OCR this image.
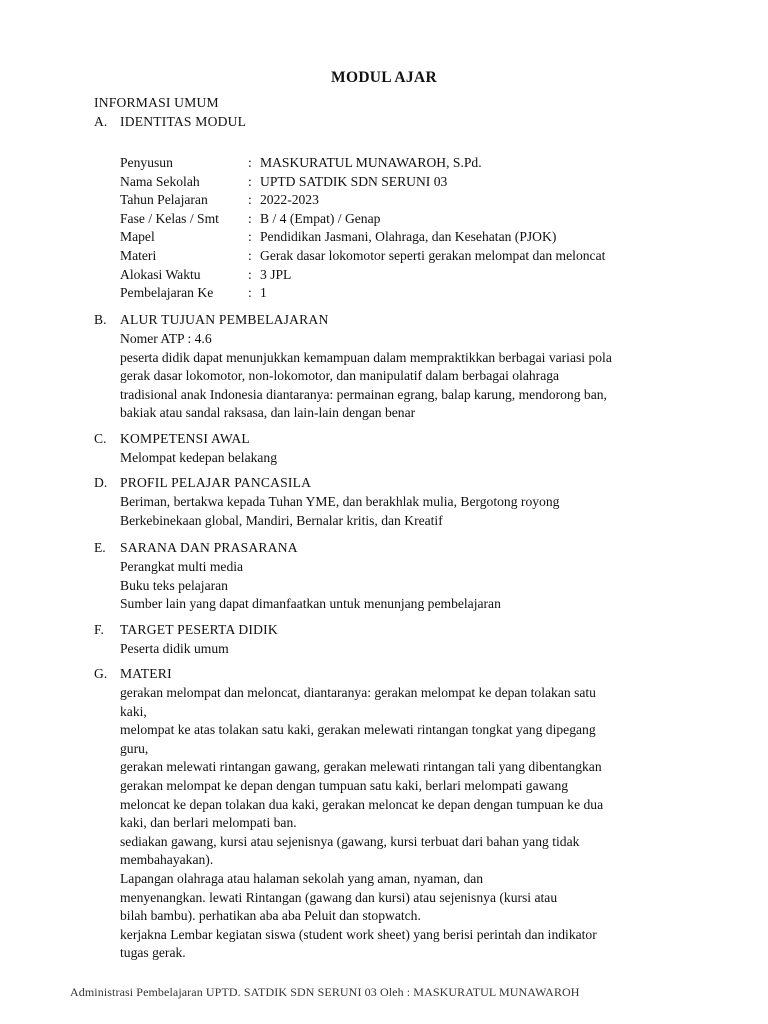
MODUL AJAR
INFORMASI UMUM
A. IDENTITAS MODUL
Penyusun	: MASKURATUL MUNAWAROH, S.Pd.
Nama Sekolah	: UPTD SATDIK SDN SERUNI 03
Tahun Pelajaran	: 2022-2023
Fase / Kelas / Smt : B / 4 (Empat) / Genap
Mapel	: Pendidikan Jasmani, Olahraga, dan Kesehatan (PJOK)
Materi	: Gerak dasar lokomotor seperti gerakan melompat dan meloncat
Alokasi Waktu	: 3 JPL
Pembelajaran Ke	: 1
B. ALUR TUJUAN PEMBELAJARAN
Nomer ATP : 4.6
peserta didik dapat menunjukkan kemampuan dalam mempraktikkan berbagai variasi pola
gerak dasar lokomotor, non-lokomotor, dan manipulatif dalam berbagai olahraga
tradisional anak Indonesia diantaranya: permainan egrang, balap karung, mendorong ban,
bakiak atau sandal raksasa, dan lain-lain dengan benar
C. KOMPETENSI AWAL
Melompat kedepan belakang
D. PROFIL PELAJAR PANCASILA
Beriman, bertakwa kepada Tuhan YME, dan berakhlak mulia, Bergotong royong
Berkebinekaan global, Mandiri, Bernalar kritis, dan Kreatif
E.	SARANA DAN PRASARANA
Perangkat multi media
Buku teks pelajaran
Sumber lain yang dapat dimanfaatkan untuk menunjang pembelajaran
F.	TARGET PESERTA DIDIK
Peserta didik umum
G. MATERI
gerakan melompat dan meloncat, diantaranya: gerakan melompat ke depan tolakan satu
kaki,
melompat ke atas tolakan satu kaki, gerakan melewati rintangan tongkat yang dipegang
guru,
gerakan melewati rintangan gawang, gerakan melewati rintangan tali yang dibentangkan
gerakan melompat ke depan dengan tumpuan satu kaki, berlari melompati gawang
meloncat ke depan tolakan dua kaki, gerakan meloncat ke depan dengan tumpuan ke dua
kaki, dan berlari melompati ban.
sediakan gawang, kursi atau sejenisnya (gawang, kursi terbuat dari bahan yang tidak
membahayakan).
Lapangan olahraga atau halaman sekolah yang aman, nyaman, dan
menyenangkan. lewati Rintangan (gawang dan kursi) atau sejenisnya (kursi atau
bilah bambu). perhatikan aba aba Peluit dan stopwatch.
kerjakna Lembar kegiatan siswa (student work sheet) yang berisi perintah dan indikator
tugas gerak.
Administrasi Pembelajaran UPTD. SATDIK SDN SERUNI 03 Oleh : MASKURATUL MUNAWAROH
